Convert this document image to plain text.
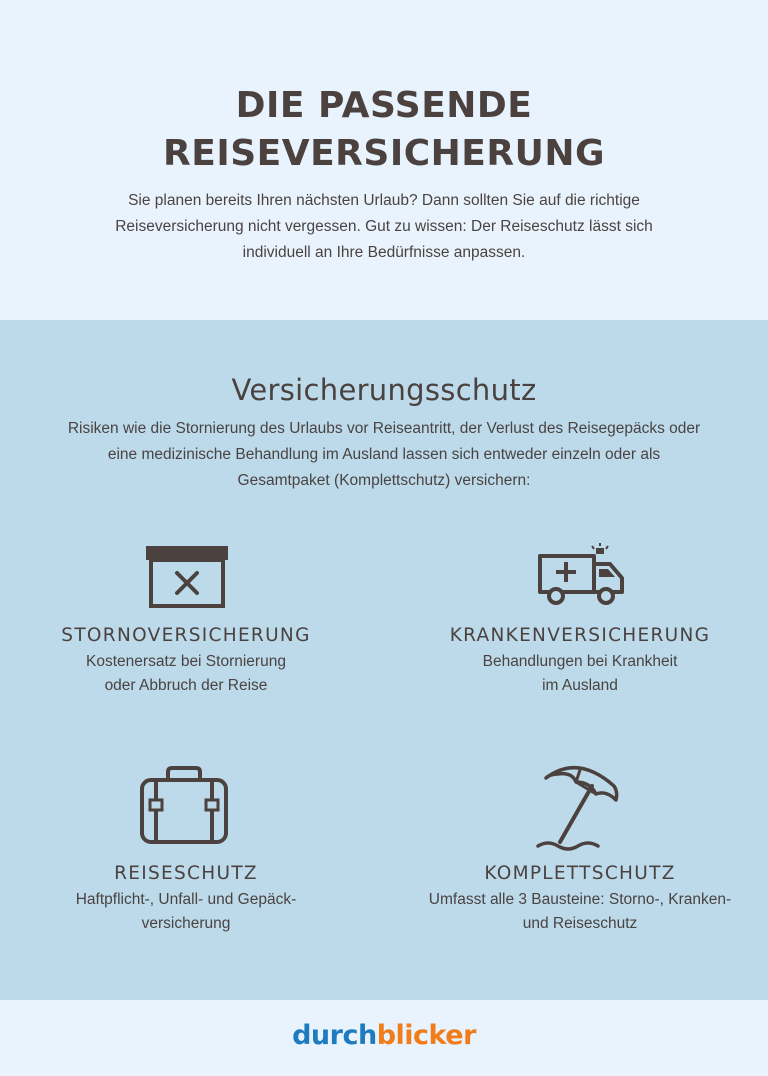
DIE PASSENDE
REISEVERSICHERUNG
Sie planen bereits Ihren nächsten Urlaub? Dann sollten Sie auf die richtige Reiseversicherung nicht vergessen. Gut zu wissen: Der Reiseschutz lässt sich individuell an Ihre Bedürfnisse anpassen.
Versicherungsschutz
Risiken wie die Stornierung des Urlaubs vor Reiseantritt, der Verlust des Reisegepäcks oder eine medizinische Behandlung im Ausland lassen sich entweder einzeln oder als Gesamtpaket (Komplettschutz) versichern:
STORNOVERSICHERUNG
Kostenersatz bei Stornierung
oder Abbruch der Reise
KRANKENVERSICHERUNG
Behandlungen bei Krankheit
im Ausland
REISESCHUTZ
Haftpflicht-, Unfall- und Gepäck-
versicherung
KOMPLETTSCHUTZ
Umfasst alle 3 Bausteine: Storno-, Kranken-
und Reiseschutz
durchblicker
